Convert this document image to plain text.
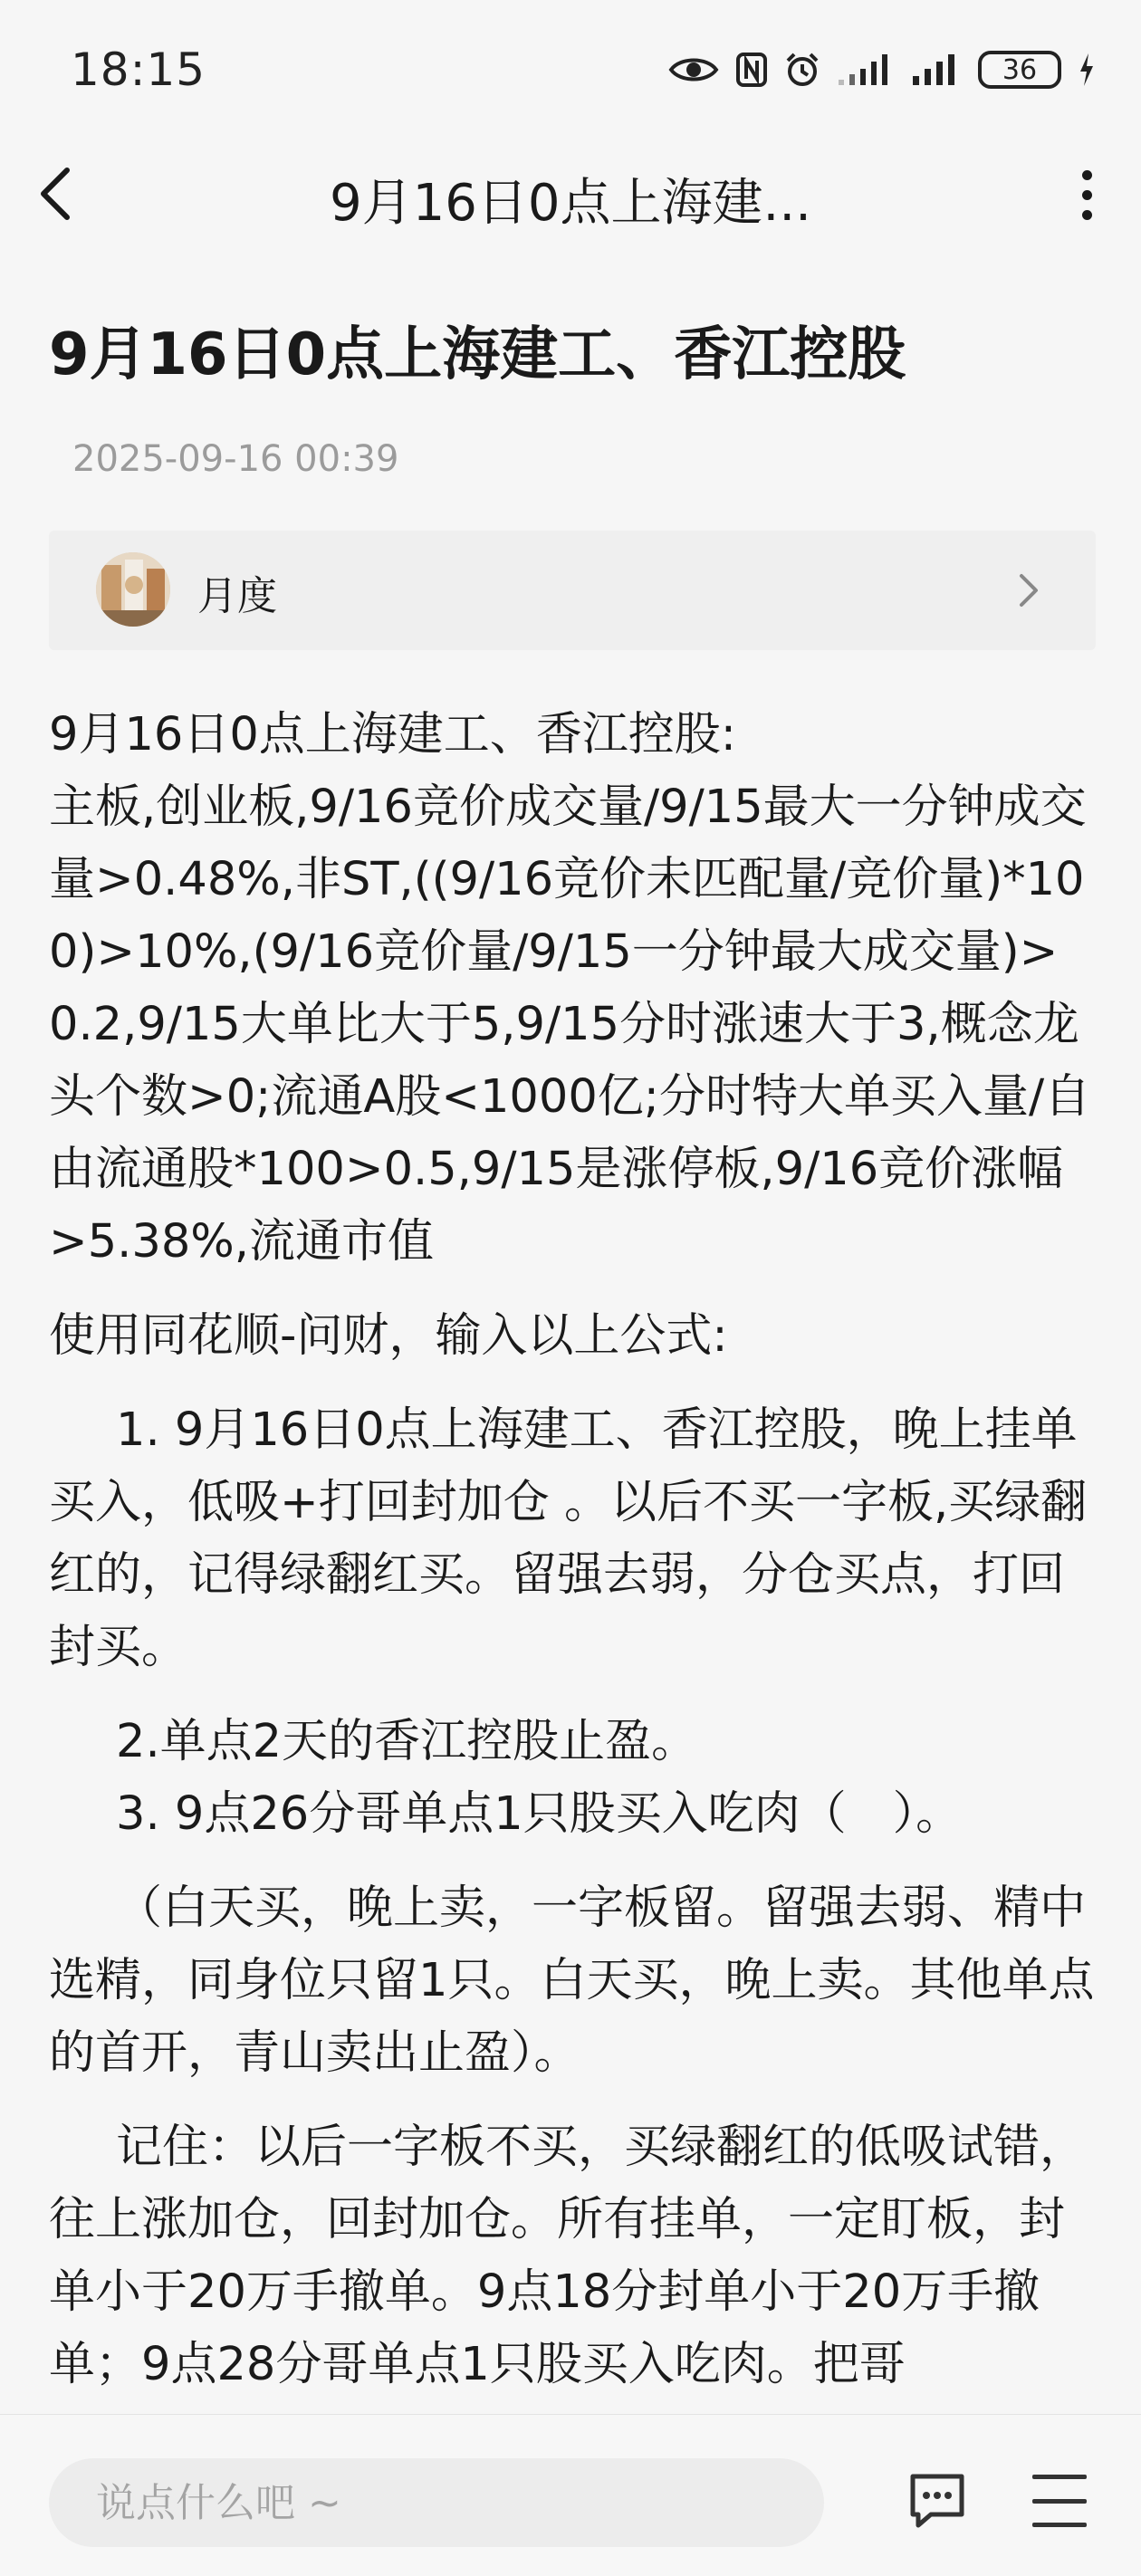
18:15	36
9月16日0点上海建...
9月16日0点上海建工、香江控股
2025-09-16 00:39
月度

9月16日0点上海建工、香江控股:

主板,创业板,9/16竞价成交量/9/15最大一分钟成交量>0.48%,非ST,((9/16竞价未匹配量/竞价量)*100)>10%,(9/16竞价量/9/15一分钟最大成交量)>0.2,9/15大单比大于5,9/15分时涨速大于3,概念龙头个数>0;流通A股<1000亿;分时特大单买入量/自由流通股*100>0.5,9/15是涨停板,9/16竞价涨幅>5.38%,流通市值

使用同花顺-问财，输入以上公式:

1. 9月16日0点上海建工、香江控股，晚上挂单买入，低吸+打回封加仓 。以后不买一字板,买绿翻红的，记得绿翻红买。留强去弱，分仓买点，打回封买。

2.单点2天的香江控股止盈。

3. 9点26分哥单点1只股买入吃肉（　）。

（白天买，晚上卖，一字板留。留强去弱、精中选精，同身位只留1只。白天买，晚上卖。其他单点的首开，青山卖出止盈）。

记住：以后一字板不买，买绿翻红的低吸试错，往上涨加仓，回封加仓。所有挂单，一定盯板，封单小于20万手撤单。9点18分封单小于20万手撤单；9点28分哥单点1只股买入吃肉。把哥

说点什么吧 ~
